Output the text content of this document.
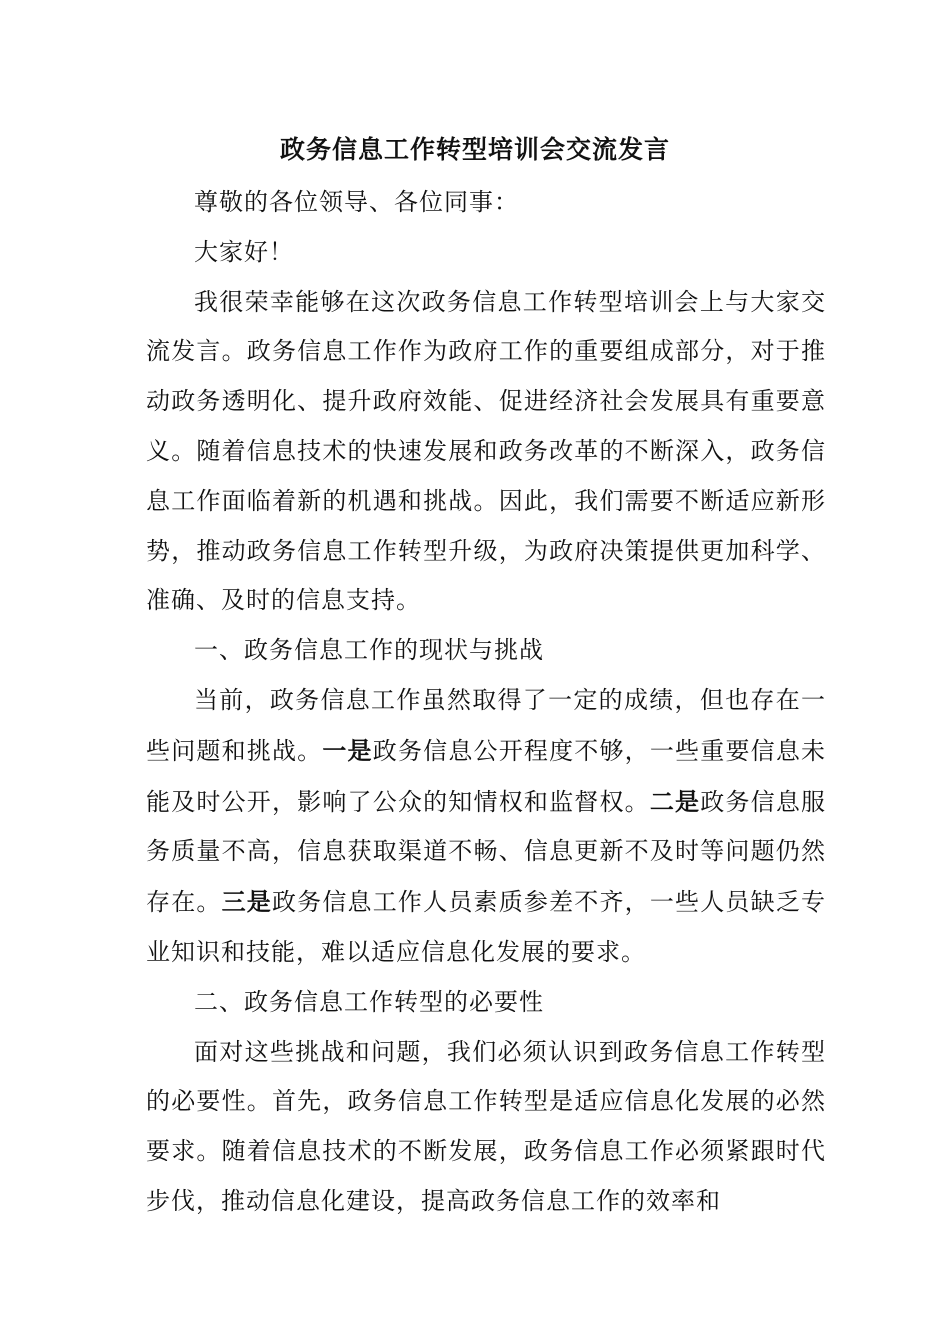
政务信息工作转型培训会交流发言

尊敬的各位领导、各位同事：

大家好！

我很荣幸能够在这次政务信息工作转型培训会上与大家交流发言。政务信息工作作为政府工作的重要组成部分，对于推动政务透明化、提升政府效能、促进经济社会发展具有重要意义。随着信息技术的快速发展和政务改革的不断深入，政务信息工作面临着新的机遇和挑战。因此，我们需要不断适应新形势，推动政务信息工作转型升级，为政府决策提供更加科学、准确、及时的信息支持。

一、政务信息工作的现状与挑战

当前，政务信息工作虽然取得了一定的成绩，但也存在一些问题和挑战。一是政务信息公开程度不够，一些重要信息未能及时公开，影响了公众的知情权和监督权。二是政务信息服务质量不高，信息获取渠道不畅、信息更新不及时等问题仍然存在。三是政务信息工作人员素质参差不齐，一些人员缺乏专业知识和技能，难以适应信息化发展的要求。

二、政务信息工作转型的必要性

面对这些挑战和问题，我们必须认识到政务信息工作转型的必要性。首先，政务信息工作转型是适应信息化发展的必然要求。随着信息技术的不断发展，政务信息工作必须紧跟时代步伐，推动信息化建设，提高政务信息工作的效率和
